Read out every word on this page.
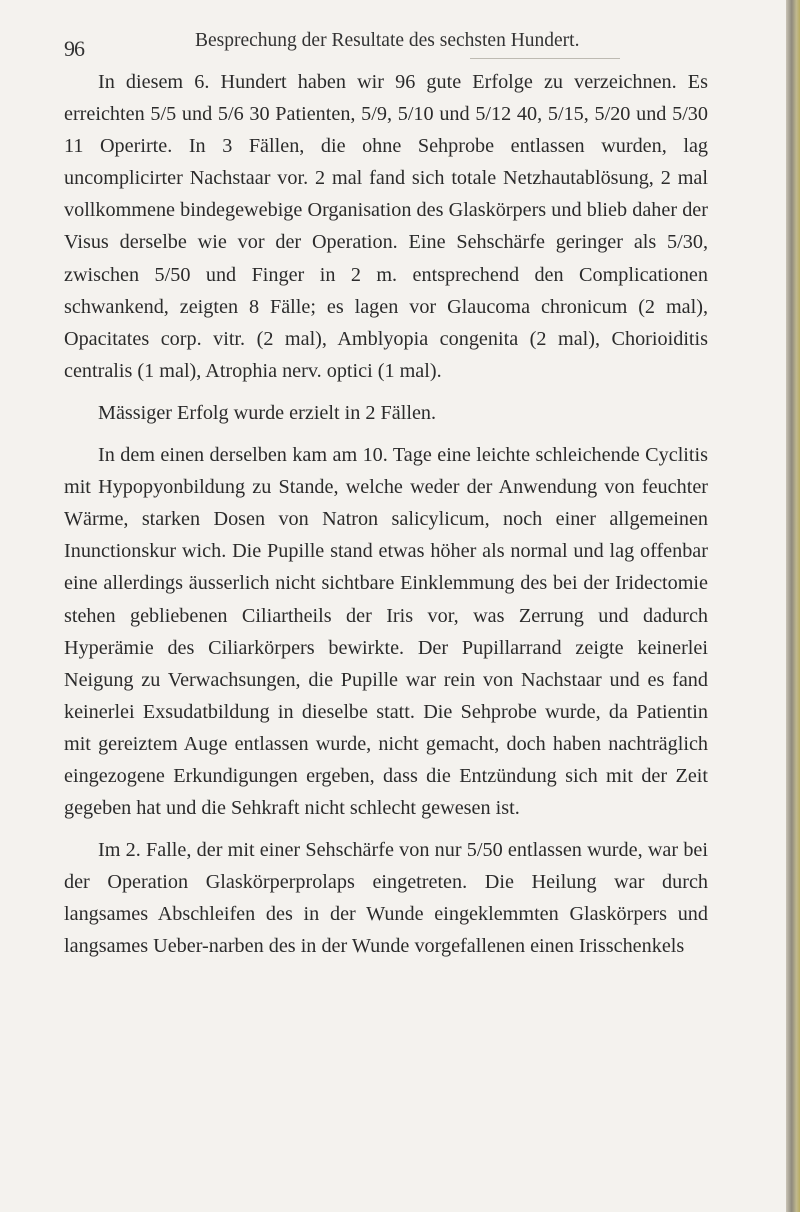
96	Besprechung der Resultate des sechsten Hundert.

In diesem 6. Hundert haben wir 96 gute Erfolge zu verzeichnen. Es erreichten 5/5 und 5/6 30 Patienten, 5/9, 5/10 und 5/12 40, 5/15, 5/20 und 5/30 11 Operirte. In 3 Fällen, die ohne Sehprobe entlassen wurden, lag uncomplicirter Nachstaar vor. 2 mal fand sich totale Netzhautablösung, 2 mal vollkommene bindegewebige Organisation des Glaskörpers und blieb daher der Visus derselbe wie vor der Operation. Eine Sehschärfe geringer als 5/30, zwischen 5/50 und Finger in 2 m. entsprechend den Complicationen schwankend, zeigten 8 Fälle; es lagen vor Glaucoma chronicum (2 mal), Opacitates corp. vitr. (2 mal), Amblyopia congenita (2 mal), Chorioiditis centralis (1 mal), Atrophia nerv. optici (1 mal).

Mässiger Erfolg wurde erzielt in 2 Fällen.

In dem einen derselben kam am 10. Tage eine leichte schleichende Cyclitis mit Hypopyonbildung zu Stande, welche weder der Anwendung von feuchter Wärme, starken Dosen von Natron salicylicum, noch einer allgemeinen Inunctionskur wich. Die Pupille stand etwas höher als normal und lag offenbar eine allerdings äusserlich nicht sichtbare Einklemmung des bei der Iridectomie stehen gebliebenen Ciliartheils der Iris vor, was Zerrung und dadurch Hyperämie des Ciliarkörpers bewirkte. Der Pupillarrand zeigte keinerlei Neigung zu Verwachsungen, die Pupille war rein von Nachstaar und es fand keinerlei Exsudatbildung in dieselbe statt. Die Sehprobe wurde, da Patientin mit gereiztem Auge entlassen wurde, nicht gemacht, doch haben nachträglich eingezogene Erkundigungen ergeben, dass die Entzündung sich mit der Zeit gegeben hat und die Sehkraft nicht schlecht gewesen ist.

Im 2. Falle, der mit einer Sehschärfe von nur 5/50 entlassen wurde, war bei der Operation Glaskörperprolaps eingetreten. Die Heilung war durch langsames Abschleifen des in der Wunde eingeklemmten Glaskörpers und langsames Ueber-narben des in der Wunde vorgefallenen einen Irisschenkels
